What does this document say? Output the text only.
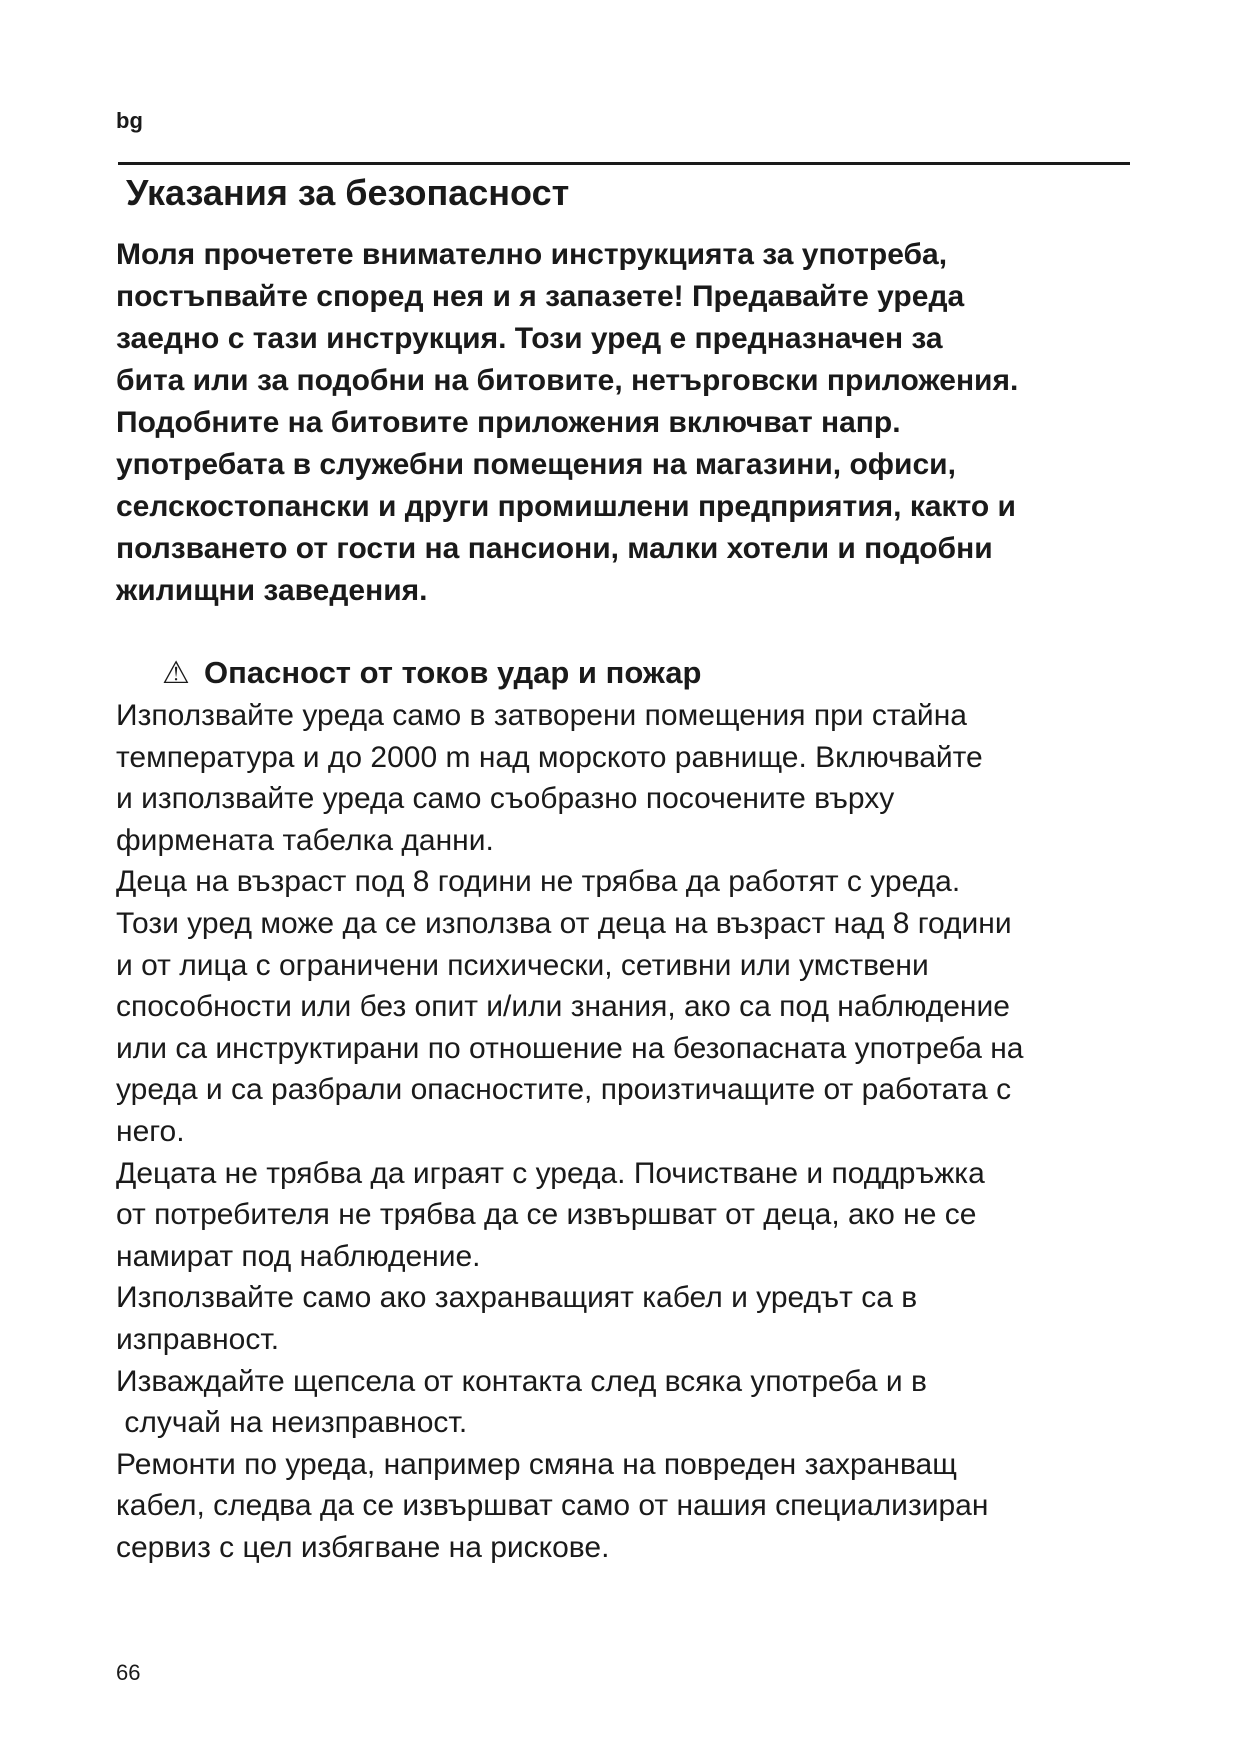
bg
Указания за безопасност

Моля прочетете внимателно инструкцията за употреба,
постъпвайте според нея и я запазете! Предавайте уреда
заедно с тази инструкция. Този уред е предназначен за
бита или за подобни на битовите, нетърговски приложения.
Подобните на битовите приложения включват напр.
употребата в служебни помещения на магазини, офиси,
селскостопански и други промишлени предприятия, както и
ползването от гости на пансиони, малки хотели и подобни
жилищни заведения.

⚠ Опасност от токов удар и пожар

Използвайте уреда само в затворени помещения при стайна
температура и до 2000 m над морското равнище. Включвайте
и използвайте уреда само съобразно посочените върху
фирмената табелка данни.
Деца на възраст под 8 години не трябва да работят с уреда.
Този уред може да се използва от деца на възраст над 8 години
и от лица с ограничени психически, сетивни или умствени
способности или без опит и/или знания, ако са под наблюдение
или са инструктирани по отношение на безопасната употреба на
уреда и са разбрали опасностите, произтичащите от работата с
него.
Децата не трябва да играят с уреда. Почистване и поддръжка
от потребителя не трябва да се извършват от деца, ако не се
намират под наблюдение.
Използвайте само ако захранващият кабел и уредът са в
изправност.
Изваждайте щепсела от контакта след всяка употреба и в
случай на неизправност.
Ремонти по уреда, например смяна на повреден захранващ
кабел, следва да се извършват само от нашия специализиран
сервиз с цел избягване на рискове.

66
